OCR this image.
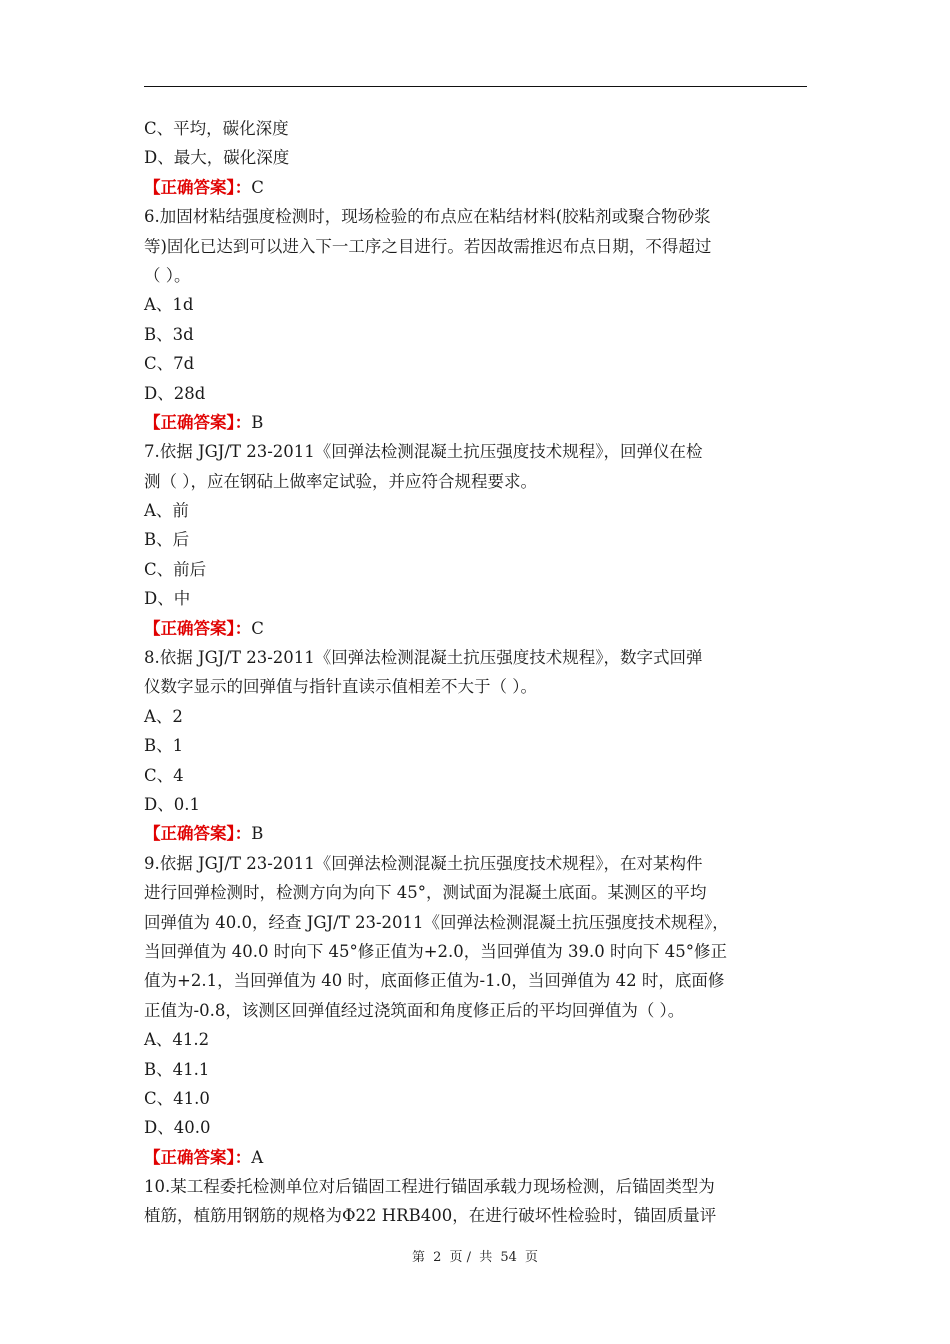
C、平均，碳化深度
D、最大，碳化深度
【正确答案】：C
6.加固材粘结强度检测时，现场检验的布点应在粘结材料(胶粘剂或聚合物砂浆
等)固化已达到可以进入下一工序之目进行。若因故需推迟布点日期，不得超过
（ ）。
A、1d
B、3d
C、7d
D、28d
【正确答案】：B
7.依据 JGJ/T 23-2011《回弹法检测混凝土抗压强度技术规程》，回弹仪在检
测（ ），应在钢砧上做率定试验，并应符合规程要求。
A、前
B、后
C、前后
D、中
【正确答案】：C
8.依据 JGJ/T 23-2011《回弹法检测混凝土抗压强度技术规程》，数字式回弹
仪数字显示的回弹值与指针直读示值相差不大于（ ）。
A、2
B、1
C、4
D、0.1
【正确答案】：B
9.依据 JGJ/T 23-2011《回弹法检测混凝土抗压强度技术规程》，在对某构件
进行回弹检测时，检测方向为向下 45°，测试面为混凝土底面。某测区的平均
回弹值为 40.0，经查 JGJ/T 23-2011《回弹法检测混凝土抗压强度技术规程》，
当回弹值为 40.0 时向下 45°修正值为+2.0，当回弹值为 39.0 时向下 45°修正
值为+2.1，当回弹值为 40 时，底面修正值为-1.0，当回弹值为 42 时，底面修
正值为-0.8，该测区回弹值经过浇筑面和角度修正后的平均回弹值为（ ）。
A、41.2
B、41.1
C、41.0
D、40.0
【正确答案】：A
10.某工程委托检测单位对后锚固工程进行锚固承载力现场检测，后锚固类型为
植筋，植筋用钢筋的规格为Φ22 HRB400，在进行破坏性检验时，锚固质量评
第 2 页 / 共 54 页
